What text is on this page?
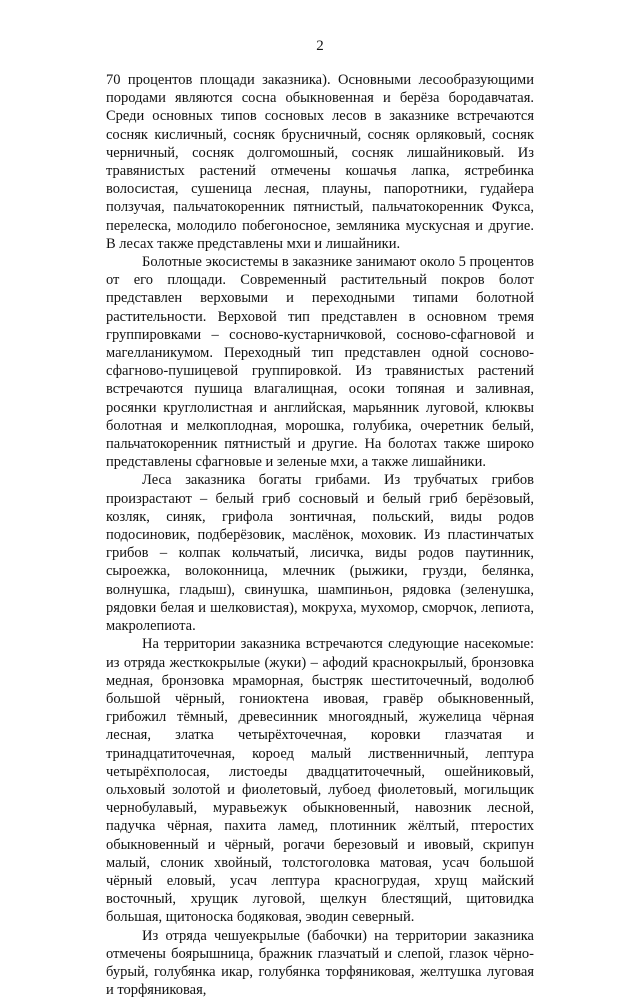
2

70 процентов площади заказника). Основными лесообразующими породами являются сосна обыкновенная и берёза бородавчатая. Среди основных типов сосновых лесов в заказнике встречаются сосняк кисличный, сосняк брусничный, сосняк орляковый, сосняк черничный, сосняк долгомошный, сосняк лишайниковый. Из травянистых растений отмечены кошачья лапка, ястребинка волосистая, сушеница лесная, плауны, папоротники, гудайера ползучая, пальчатокоренник пятнистый, пальчатокоренник Фукса, перелеска, молодило побегоносное, земляника мускусная и другие. В лесах также представлены мхи и лишайники.

Болотные экосистемы в заказнике занимают около 5 процентов от его площади. Современный растительный покров болот представлен верховыми и переходными типами болотной растительности. Верховой тип представлен в основном тремя группировками – сосново-кустарничковой, сосново-сфагновой и магелланикумом. Переходный тип представлен одной сосново-сфагново-пушицевой группировкой. Из травянистых растений встречаются пушица влагалищная, осоки топяная и заливная, росянки круглолистная и английская, марьянник луговой, клюквы болотная и мелкоплодная, морошка, голубика, очеретник белый, пальчатокоренник пятнистый и другие. На болотах также широко представлены сфагновые и зеленые мхи, а также лишайники.

Леса заказника богаты грибами. Из трубчатых грибов произрастают – белый гриб сосновый и белый гриб берёзовый, козляк, синяк, грифола зонтичная, польский, виды родов подосиновик, подберёзовик, маслёнок, моховик. Из пластинчатых грибов – колпак кольчатый, лисичка, виды родов паутинник, сыроежка, волоконница, млечник (рыжики, грузди, белянка, волнушка, гладыш), свинушка, шампиньон, рядовка (зеленушка, рядовки белая и шелковистая), мокруха, мухомор, сморчок, лепиота, макролепиота.

На территории заказника встречаются следующие насекомые: из отряда жесткокрылые (жуки) – афодий краснокрылый, бронзовка медная, бронзовка мраморная, быстряк шеститочечный, водолюб большой чёрный, гониоктена ивовая, гравёр обыкновенный, грибожил тёмный, древесинник многоядный, жужелица чёрная лесная, златка четырёхточечная, коровки глазчатая и тринадцатиточечная, короед малый лиственничный, лептура четырёхполосая, листоеды двадцатиточечный, ошейниковый, ольховый золотой и фиолетовый, лубоед фиолетовый, могильщик чернобулавый, муравьежук обыкновенный, навозник лесной, падучка чёрная, пахита ламед, плотинник жёлтый, птеростих обыкновенный и чёрный, рогачи березовый и ивовый, скрипун малый, слоник хвойный, толстоголовка матовая, усач большой чёрный еловый, усач лептура красногрудая, хрущ майский восточный, хрущик луговой, щелкун блестящий, щитовидка большая, щитоноска бодяковая, эводин северный.

Из отряда чешуекрылые (бабочки) на территории заказника отмечены боярышница, бражник глазчатый и слепой, глазок чёрно-бурый, голубянка икар, голубянка торфяниковая, желтушка луговая и торфяниковая,
